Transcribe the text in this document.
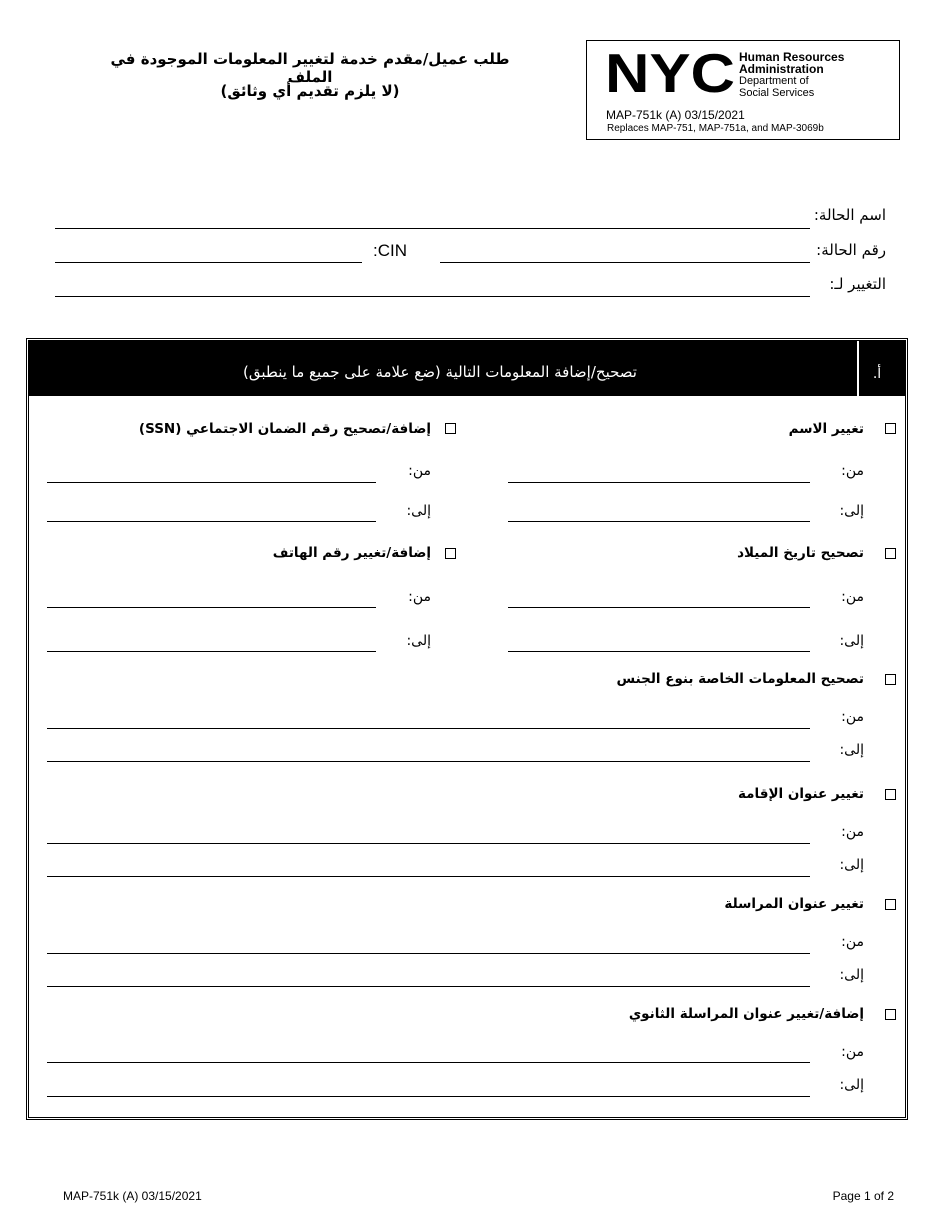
طلب عميل/مقدم خدمة لتغيير المعلومات الموجودة في الملف
(لا يلزم تقديم أي وثائق)	NYC Human Resources
Administration
Department of
Social Services
MAP-751k (A) 03/15/2021
Replaces MAP-751, MAP-751a, and MAP-3069b
اسم الحالة:
رقم الحالة:
:CIN
التغيير لـ:
تصحيح/إضافة المعلومات التالية (ضع علامة على جميع ما ينطبق)	أ.
تغيير الاسم
من:
إلى:
إضافة/تصحيح رقم الضمان الاجتماعي (SSN)
من:
إلى:
تصحيح تاريخ الميلاد
من:
إلى:
إضافة/تغيير رقم الهاتف
من:
إلى:
تصحيح المعلومات الخاصة بنوع الجنس
من:
إلى:
تغيير عنوان الإقامة
من:
إلى:
تغيير عنوان المراسلة
من:
إلى:
إضافة/تغيير عنوان المراسلة الثانوي
من:
إلى:
MAP-751k (A) 03/15/2021	Page 1 of 2
